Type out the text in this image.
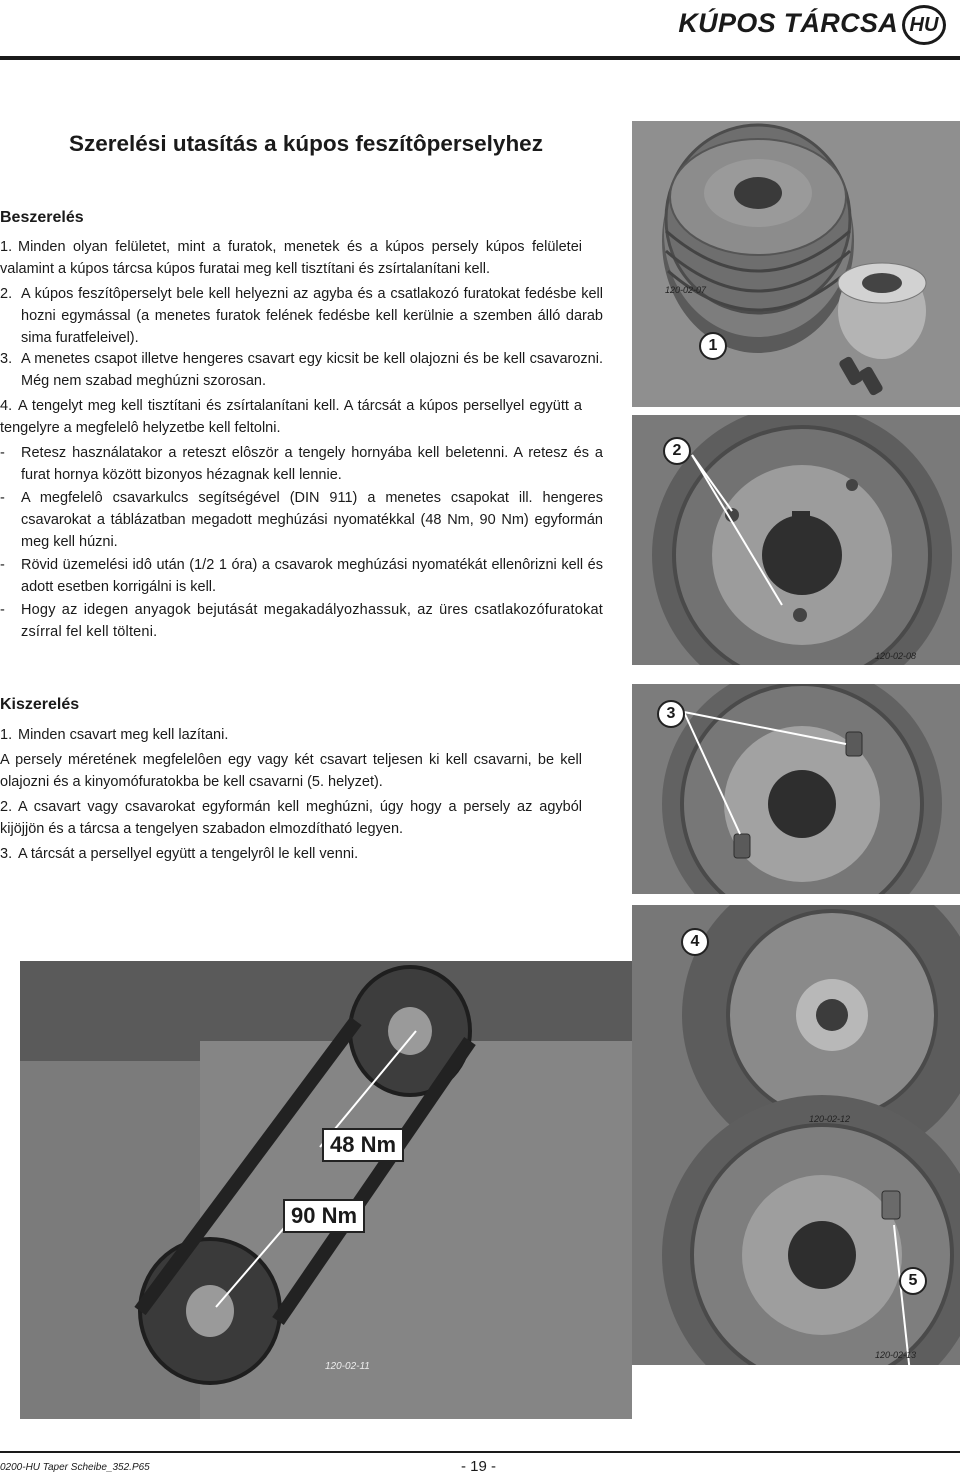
KÚPOS TÁRCSA HU
Szerelési utasítás a kúpos feszítôperselyhez
Beszerelés
1. Minden olyan felületet, mint a furatok, menetek és a kúpos persely kúpos felületei valamint a kúpos tárcsa kúpos furatai meg kell tisztítani és zsírtalanítani kell.
2. A kúpos feszítôperselyt bele kell helyezni az agyba és a csatlakozó furatokat fedésbe kell hozni egymással (a menetes furatok felének fedésbe kell kerülnie a szemben álló darab sima furatfeleivel).
3. A menetes csapot illetve hengeres csavart egy kicsit be kell olajozni és be kell csavarozni. Még nem szabad meghúzni szorosan.
4. A tengelyt meg kell tisztítani és zsírtalanítani kell. A tárcsát a kúpos persellyel együtt a tengelyre a megfelelô helyzetbe kell feltolni.
- Retesz használatakor a reteszt elôször a tengely hornyába kell beletenni. A retesz és a furat hornya között bizonyos hézagnak kell lennie.
- A megfelelô csavarkulcs segítségével (DIN 911) a menetes csapokat ill. hengeres csavarokat a táblázatban megadott meghúzási nyomatékkal (48 Nm, 90 Nm) egyformán meg kell húzni.
- Rövid üzemelési idô után (1/2 1 óra) a csavarok meghúzási nyomatékát ellenôrizni kell és adott esetben korrigálni is kell.
- Hogy az idegen anyagok bejutását megakadályozhassuk, az üres csatlakozófuratokat zsírral fel kell tölteni.
Kiszerelés
1. Minden csavart meg kell lazítani.
A persely méretének megfelelôen egy vagy két csavart teljesen ki kell csavarni, be kell olajozni és a kinyomófuratokba be kell csavarni (5. helyzet).
2. A csavart vagy csavarokat egyformán kell meghúzni, úgy hogy a persely az agyból kijöjjön és a tárcsa a tengelyen szabadon elmozdítható legyen.
3. A tárcsát a persellyel együtt a tengelyrôl le kell venni.
120-02-07
1
2
120-02-08
3
4
120-02-12
5
120-02-13
48 Nm
90 Nm
120-02-11
0200-HU Taper Scheibe_352.P65	- 19 -
